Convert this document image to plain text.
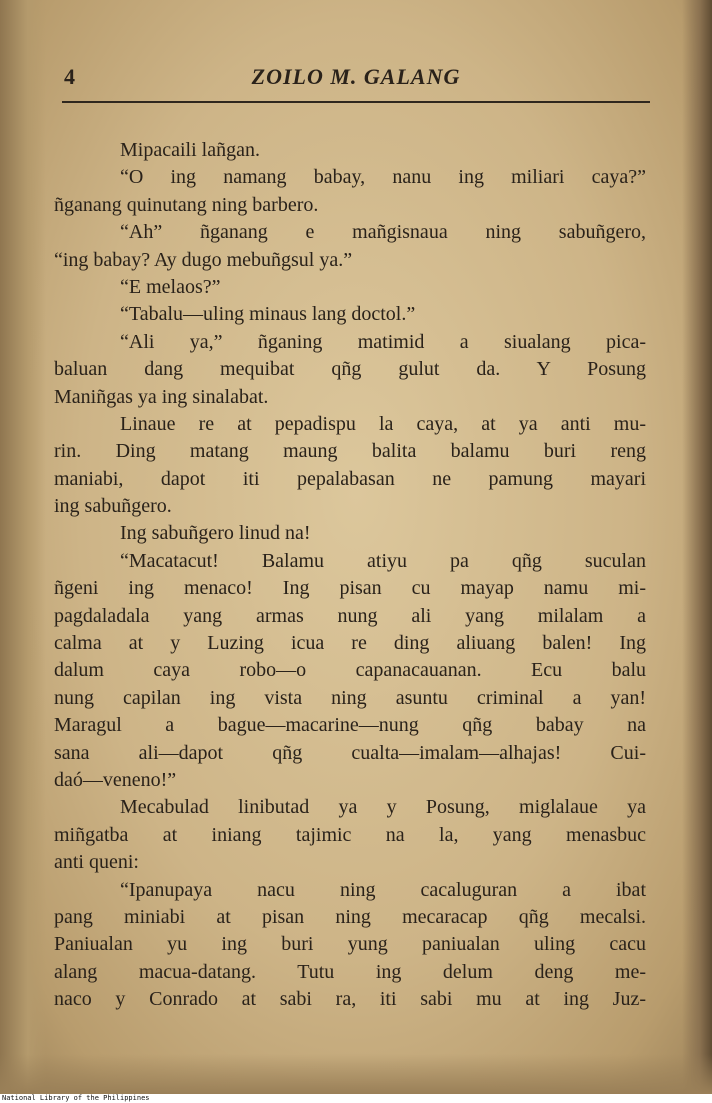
4	ZOILO M. GALANG
Mipacaili lañgan.
“O ing namang babay, nanu ing miliari caya?”
ñganang quinutang ning barbero.
“Ah” ñganang e mañgisnaua ning sabuñgero,
“ing babay? Ay dugo mebuñgsul ya.”
“E melaos?”
“Tabalu—uling minaus lang doctol.”
“Ali ya,” ñganing matimid a siualang pica-
baluan dang mequibat qñg gulut da. Y Posung
Maniñgas ya ing sinalabat.
Linaue re at pepadispu la caya, at ya anti mu-
rin. Ding matang maung balita balamu buri reng
maniabi, dapot iti pepalabasan ne pamung mayari
ing sabuñgero.
Ing sabuñgero linud na!
“Macatacut! Balamu atiyu pa qñg suculan
ñgeni ing menaco! Ing pisan cu mayap namu mi-
pagdaladala yang armas nung ali yang milalam a
calma at y Luzing icua re ding aliuang balen! Ing
dalum caya robo—o capanacauanan. Ecu balu
nung capilan ing vista ning asuntu criminal a yan!
Maragul a bague—macarine—nung qñg babay na
sana ali—dapot qñg cualta—imalam—alhajas! Cui-
daó—veneno!”
Mecabulad linibutad ya y Posung, miglalaue ya
miñgatba at iniang tajimic na la, yang menasbuc
anti queni:
“Ipanupaya nacu ning cacaluguran a ibat
pang miniabi at pisan ning mecaracap qñg mecalsi.
Paniualan yu ing buri yung paniualan uling cacu
alang macua-datang. Tutu ing delum deng me-
naco y Conrado at sabi ra, iti sabi mu at ing Juz-
National Library of the Philippines
